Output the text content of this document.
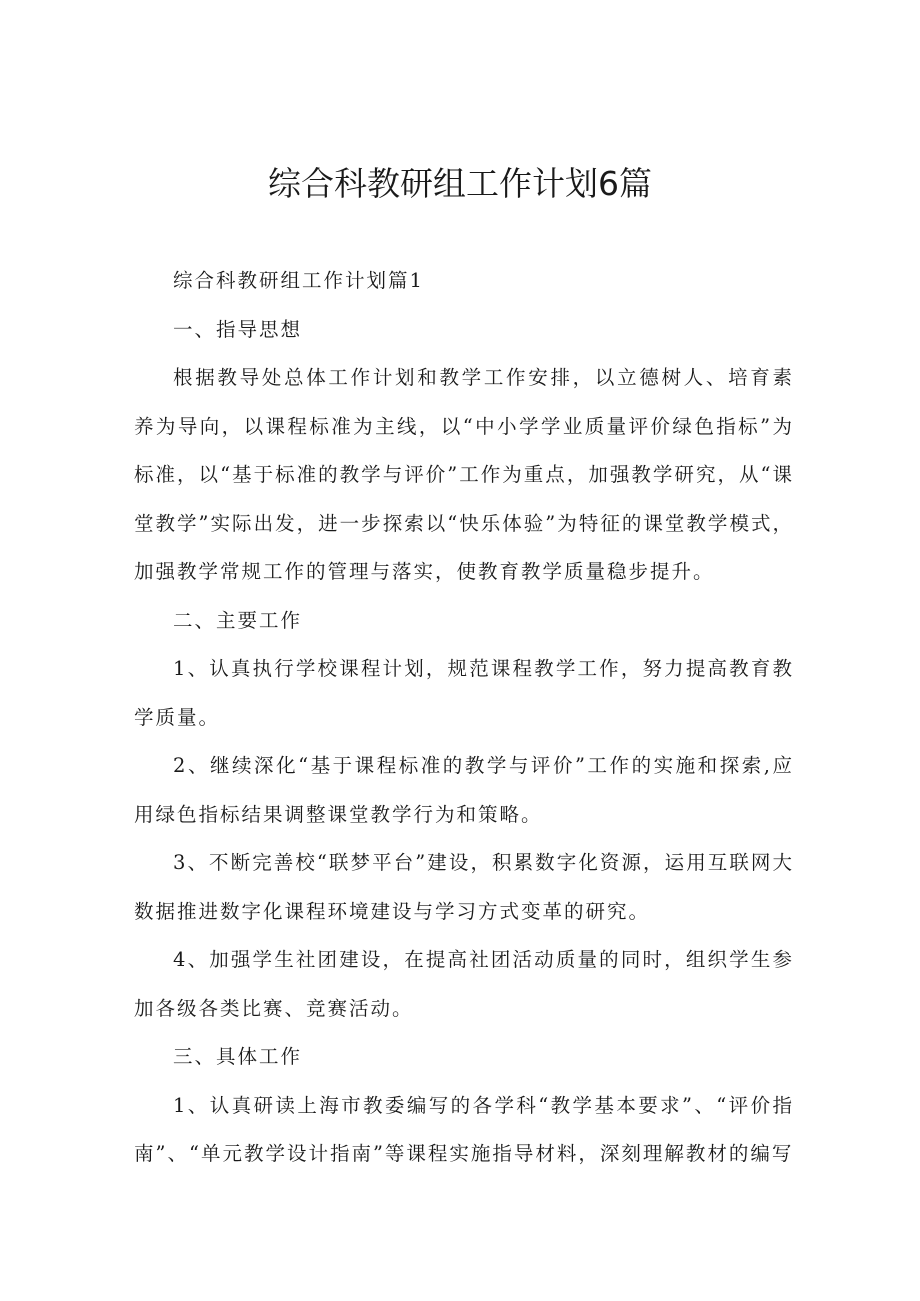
综合科教研组工作计划6篇

综合科教研组工作计划篇1

一、指导思想

根据教导处总体工作计划和教学工作安排，以立德树人、培育素养为导向，以课程标准为主线，以“中小学学业质量评价绿色指标”为标准，以“基于标准的教学与评价”工作为重点，加强教学研究，从“课堂教学”实际出发，进一步探索以“快乐体验”为特征的课堂教学模式，加强教学常规工作的管理与落实，使教育教学质量稳步提升。

二、主要工作

1、认真执行学校课程计划，规范课程教学工作，努力提高教育教学质量。

2、继续深化“基于课程标准的教学与评价”工作的实施和探索,应用绿色指标结果调整课堂教学行为和策略。

3、不断完善校“联梦平台”建设，积累数字化资源，运用互联网大数据推进数字化课程环境建设与学习方式变革的研究。

4、加强学生社团建设，在提高社团活动质量的同时，组织学生参加各级各类比赛、竞赛活动。

三、具体工作

1、认真研读上海市教委编写的各学科“教学基本要求”、“评价指南”、“单元教学设计指南”等课程实施指导材料，深刻理解教材的编写
